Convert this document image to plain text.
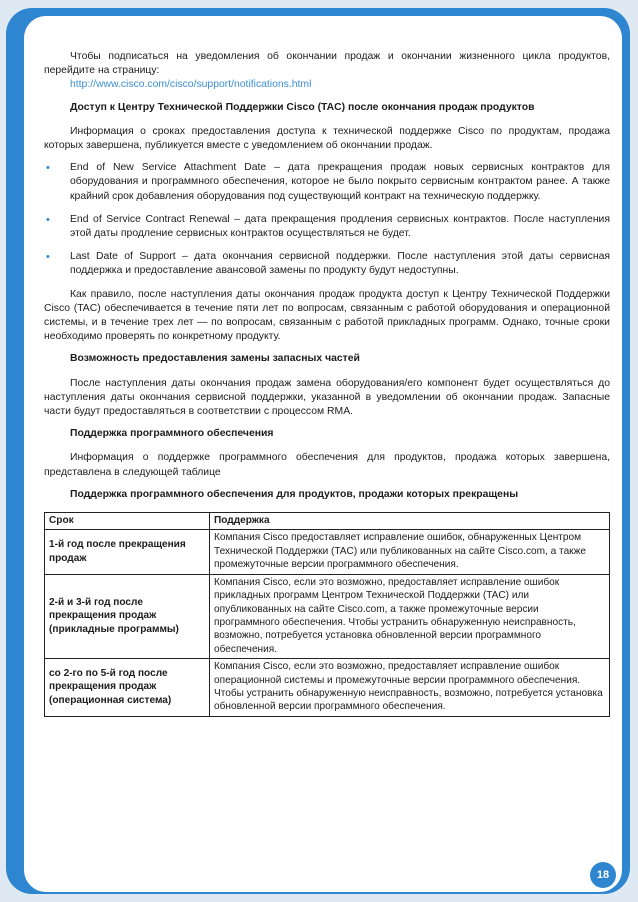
Чтобы подписаться на уведомления об окончании продаж и окончании жизненного цикла продуктов, перейдите на страницу:

http://www.cisco.com/cisco/support/notifications.html

Доступ к Центру Технической Поддержки Cisco (TAC) после окончания продаж продуктов

Информация о сроках предоставления доступа к технической поддержке Cisco по продуктам, продажа которых завершена, публикуется вместе с уведомлением об окончании продаж.

• End of New Service Attachment Date – дата прекращения продаж новых сервисных контрактов для оборудования и программного обеспечения, которое не было покрыто сервисным контрактом ранее. А также крайний срок добавления оборудования под существующий контракт на техническую поддержку.
• End of Service Contract Renewal – дата прекращения продления сервисных контрактов. После наступления этой даты продление сервисных контрактов осуществляться не будет.
• Last Date of Support – дата окончания сервисной поддержки. После наступления этой даты сервисная поддержка и предоставление авансовой замены по продукту будут недоступны.

Как правило, после наступления даты окончания продаж продукта доступ к Центру Технической Поддержки Cisco (TAC) обеспечивается в течение пяти лет по вопросам, связанным с работой оборудования и операционной системы, и в течение трех лет — по вопросам, связанным с работой прикладных программ. Однако, точные сроки необходимо проверять по конкретному продукту.

Возможность предоставления замены запасных частей

После наступления даты окончания продаж замена оборудования/его компонент будет осуществляться до наступления даты окончания сервисной поддержки, указанной в уведомлении об окончании продаж. Запасные части будут предоставляться в соответствии с процессом RMA.

Поддержка программного обеспечения

Информация о поддержке программного обеспечения для продуктов, продажа которых завершена, представлена в следующей таблице

Поддержка программного обеспечения для продуктов, продажи которых прекращены

Срок	Поддержка
1-й год после прекращения продаж	Компания Cisco предоставляет исправление ошибок, обнаруженных Центром Технической Поддержки (TAC) или публикованных на сайте Cisco.com, а также промежуточные версии программного обеспечения.
2-й и 3-й год после прекращения продаж (прикладные программы)	Компания Cisco, если это возможно, предоставляет исправление ошибок прикладных программ Центром Технической Поддержки (TAC) или опубликованных на сайте Cisco.com, а также промежуточные версии программного обеспечения. Чтобы устранить обнаруженную неисправность, возможно, потребуется установка обновленной версии программного обеспечения.
со 2-го по 5-й год после прекращения продаж (операционная система)	Компания Cisco, если это возможно, предоставляет исправление ошибок операционной системы и промежуточные версии программного обеспечения. Чтобы устранить обнаруженную неисправность, возможно, потребуется установка обновленной версии программного обеспечения.
18
